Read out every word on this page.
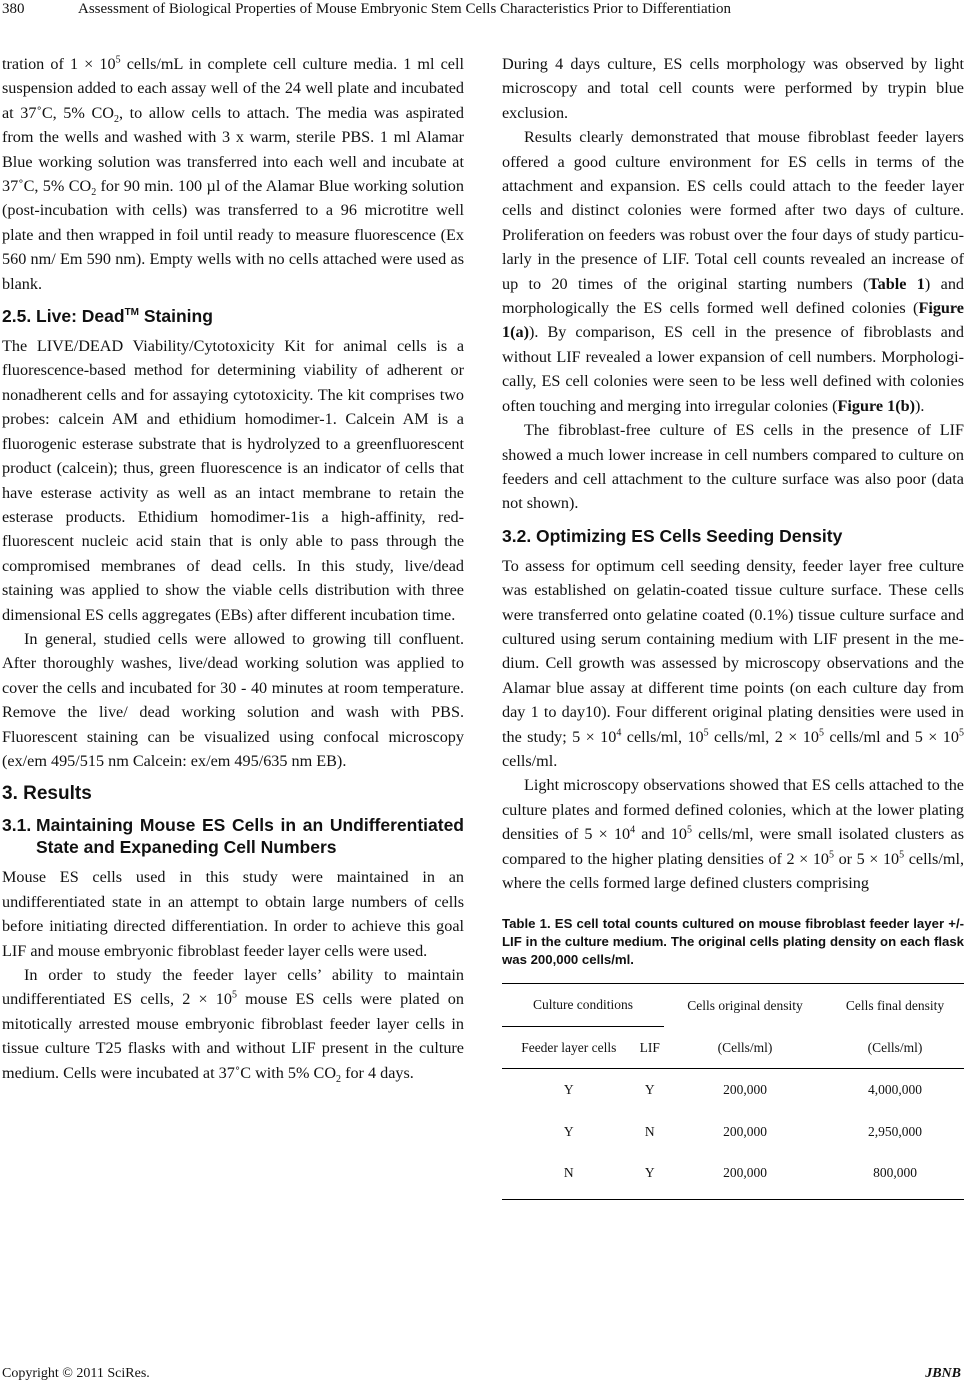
380	Assessment of Biological Properties of Mouse Embryonic Stem Cells Characteristics Prior to Differentiation

tration of $1 \times 10^5$ cells/mL in complete cell culture media. 1 ml cell suspension added to each assay well of the 24 well plate and incubated at 37˚C, 5% $CO_2$, to allow cells to attach. The media was aspirated from the wells and washed with 3 x warm, sterile PBS. 1 ml Alamar Blue working solution was transferred into each well and incubate at 37˚C, 5% $CO_2$ for 90 min. 100 µl of the Alamar Blue working solution (post-incubation with cells) was transferred to a 96 microtitre well plate and then wrapped in foil until ready to measure fluorescence (Ex 560 nm/ Em 590 nm). Empty wells with no cells attached were used as blank.

2.5. Live: Dead™ Staining

The LIVE/DEAD Viability/Cytotoxicity Kit for animal cells is a fluorescence-based method for determining viability of adherent or nonadherent cells and for assaying cytotoxicity. The kit comprises two probes: calcein AM and ethidium homodimer-1. Calcein AM is a fluorogenic esterase substrate that is hydrolyzed to a greenfluorescent product (calcein); thus, green fluorescence is an indicator of cells that have esterase activity as well as an intact membrane to retain the esterase products. Ethidium homodimer-1is a high-affinity, red-fluorescent nucleic acid stain that is only able to pass through the compromised membranes of dead cells. In this study, live/dead staining was applied to show the viable cells distribution with three dimensional ES cells aggregates (EBs) after different incubation time.

In general, studied cells were allowed to growing till confluent. After thoroughly washes, live/dead working solution was applied to cover the cells and incubated for 30 - 40 minutes at room temperature. Remove the live/ dead working solution and wash with PBS. Fluorescent staining can be visualized using confocal microscopy (ex/em 495/515 nm Calcein: ex/em 495/635 nm EB).

3. Results
3.1. Maintaining Mouse ES Cells in an Undifferentiated State and Expaneding Cell Numbers

Mouse ES cells used in this study were maintained in an undifferentiated state in an attempt to obtain large numbers of cells before initiating directed differentiation. In order to achieve this goal LIF and mouse embryonic fibroblast feeder layer cells were used.

In order to study the feeder layer cells’ ability to maintain undifferentiated ES cells, $2 \times 10^5$ mouse ES cells were plated on mitotically arrested mouse embryonic fibroblast feeder layer cells in tissue culture T25 flasks with and without LIF present in the culture medium. Cells were incubated at 37˚C with 5% $CO_2$ for 4 days.

During 4 days culture, ES cells morphology was observed by light microscopy and total cell counts were performed by trypin blue exclusion.

Results clearly demonstrated that mouse fibroblast feeder layers offered a good culture environment for ES cells in terms of the attachment and expansion. ES cells could attach to the feeder layer cells and distinct colonies were formed after two days of culture. Proliferation on feeders was robust over the four days of study particularly in the presence of LIF. Total cell counts revealed an increase of up to 20 times of the original starting numbers (Table 1) and morphologically the ES cells formed well defined colonies (Figure 1(a)). By comparison, ES cell in the presence of fibroblasts and without LIF revealed a lower expansion of cell numbers. Morphologically, ES cell colonies were seen to be less well defined with colonies often touching and merging into irregular colonies (Figure 1(b)).

The fibroblast-free culture of ES cells in the presence of LIF showed a much lower increase in cell numbers compared to culture on feeders and cell attachment to the culture surface was also poor (data not shown).

3.2. Optimizing ES Cells Seeding Density

To assess for optimum cell seeding density, feeder layer free culture was established on gelatin-coated tissue culture surface. These cells were transferred onto gelatine coated (0.1%) tissue culture surface and cultured using serum containing medium with LIF present in the medium. Cell growth was assessed by microscopy observations and the Alamar blue assay at different time points (on each culture day from day 1 to day10). Four different original plating densities were used in the study; $5 \times 10^4$ cells/ml, $10^5$ cells/ml, $2 \times 10^5$ cells/ml and $5 \times 10^5$ cells/ml.

Light microscopy observations showed that ES cells attached to the culture plates and formed defined colonies, which at the lower plating densities of $5 \times 10^4$ and $10^5$ cells/ml, were small isolated clusters as compared to the higher plating densities of $2 \times 10^5$ or $5 \times 10^5$ cells/ml, where the cells formed large defined clusters comprising

Table 1. ES cell total counts cultured on mouse fibroblast feeder layer +/-LIF in the culture medium. The original cells plating density on each flask was 200,000 cells/ml.
Culture conditions		Cells original density	Cells final density
Feeder layer cells	LIF	(Cells/ml)	(Cells/ml)
Y	Y	200,000	4,000,000
Y	N	200,000	2,950,000
N	Y	200,000	800,000
Copyright © 2011 SciRes.	JBNB
